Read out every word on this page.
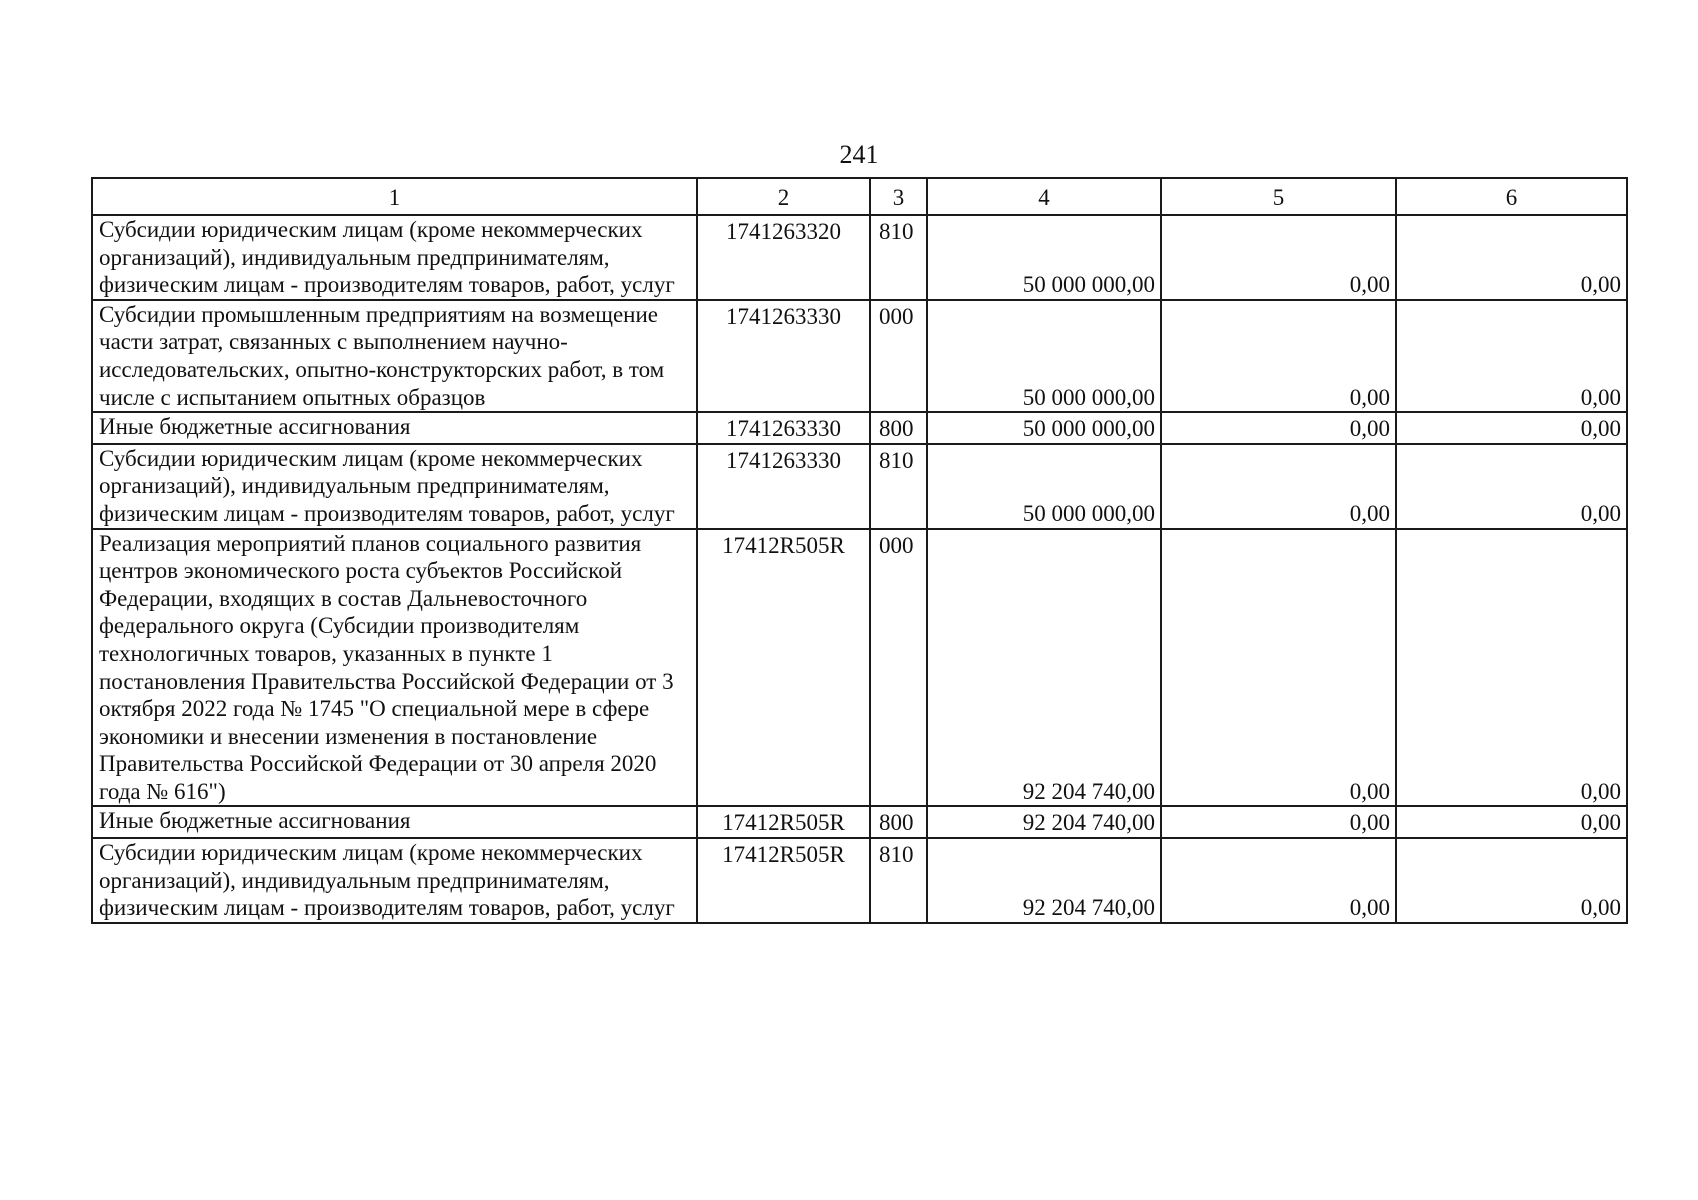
241
1	2	3	4	5	6
Субсидии юридическим лицам (кроме некоммерческих организаций), индивидуальным предпринимателям, физическим лицам - производителям товаров, работ, услуг	1741263320	810	50 000 000,00	0,00	0,00
Субсидии промышленным предприятиям на возмещение части затрат, связанных с выполнением научно-исследовательских, опытно-конструкторских работ, в том числе с испытанием опытных образцов	1741263330	000	50 000 000,00	0,00	0,00
Иные бюджетные ассигнования	1741263330	800	50 000 000,00	0,00	0,00
Субсидии юридическим лицам (кроме некоммерческих организаций), индивидуальным предпринимателям, физическим лицам - производителям товаров, работ, услуг	1741263330	810	50 000 000,00	0,00	0,00
Реализация мероприятий планов социального развития центров экономического роста субъектов Российской Федерации, входящих в состав Дальневосточного федерального округа (Субсидии производителям технологичных товаров, указанных в пункте 1 постановления Правительства Российской Федерации от 3 октября 2022 года № 1745 "О специальной мере в сфере экономики и внесении изменения в постановление Правительства Российской Федерации от 30 апреля 2020 года № 616")	17412R505R	000	92 204 740,00	0,00	0,00
Иные бюджетные ассигнования	17412R505R	800	92 204 740,00	0,00	0,00
Субсидии юридическим лицам (кроме некоммерческих организаций), индивидуальным предпринимателям, физическим лицам - производителям товаров, работ, услуг	17412R505R	810	92 204 740,00	0,00	0,00
